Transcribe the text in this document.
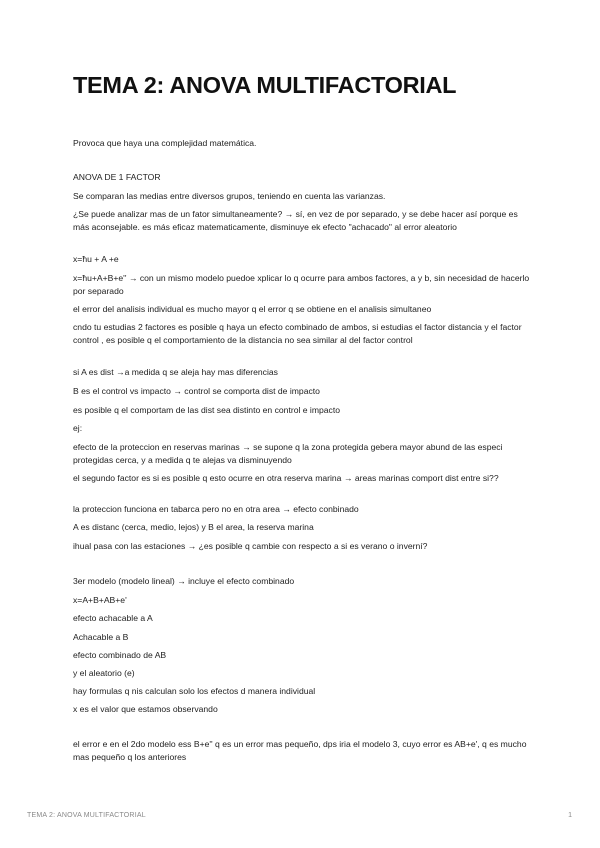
TEMA 2: ANOVA MULTIFACTORIAL

Provoca que haya una complejidad matemática.

ANOVA DE 1 FACTOR

Se comparan las medias entre diversos grupos, teniendo en cuenta las varianzas.

¿Se puede analizar mas de un fator simultaneamente? → sí, en vez de por separado, y se debe hacer así porque es más aconsejable. es más eficaz matematicamente, disminuye ek efecto "achacado" al error aleatorio

x=ћu + A +e

x=ћu+A+B+e'' → con un mismo modelo puedoe xplicar lo q ocurre para ambos factores, a y b, sin necesidad de hacerlo por separado

el error del analisis individual es mucho mayor q el error q se obtiene en el analisis simultaneo

cndo tu estudias 2 factores es posible q haya un efecto combinado de ambos, si estudias el factor distancia y el factor control , es posible q el comportamiento de la distancia no sea similar al del factor control

si A es dist →a medida q se aleja hay mas diferencias

B es el control vs impacto → control se comporta dist de impacto

es posible q el comportam de las dist sea distinto en control e impacto

ej:

efecto de la proteccion en reservas marinas → se supone q la zona protegida gebera mayor abund de las especi protegidas cerca, y a medida q te alejas va disminuyendo

el segundo factor es si es posible q esto ocurre en otra reserva marina → areas marinas comport dist entre si??

la proteccion funciona en tabarca pero no en otra area → efecto conbinado

A es distanc (cerca, medio, lejos) y B el area, la reserva marina

ihual pasa con las estaciones → ¿es posible q cambie con respecto a si es verano o inverní?

3er modelo (modelo lineal) → incluye el efecto combinado

x=A+B+AB+e'

efecto achacable a A

Achacable a B

efecto combinado de AB

y el aleatorio (e)

hay formulas q nis calculan solo los efectos d manera individual

x es el valor que estamos observando

el error e en el 2do modelo ess B+e'' q es un error mas pequeño, dps iria el modelo 3, cuyo error es AB+e', q es mucho mas pequeño q los anteriores

TEMA 2: ANOVA MULTIFACTORIAL	1
